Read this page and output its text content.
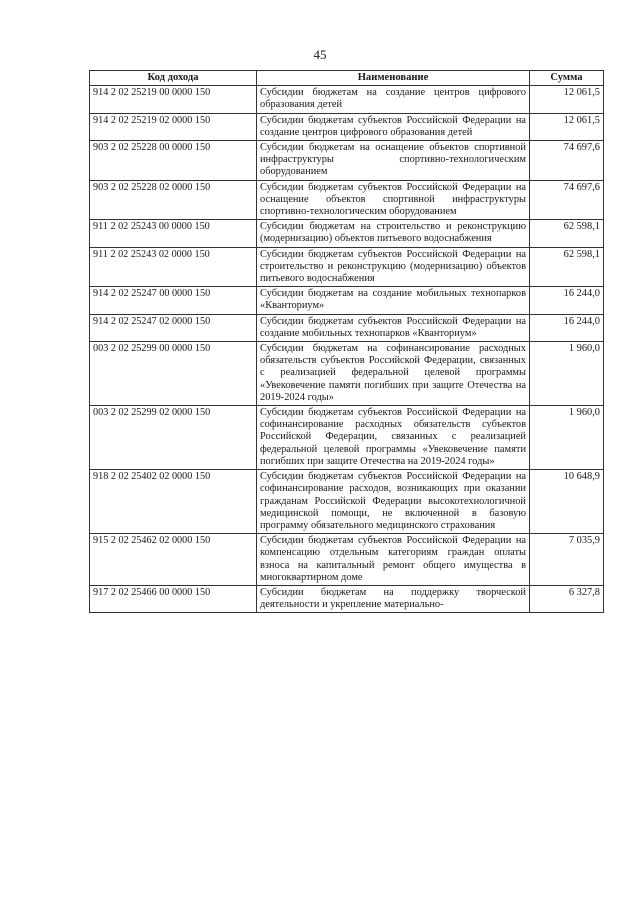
45
Код дохода	Наименование	Сумма
914 2 02 25219 00 0000 150	Субсидии бюджетам на создание центров цифрового образования детей	12 061,5
914 2 02 25219 02 0000 150	Субсидии бюджетам субъектов Российской Федерации на создание центров цифрового образования детей	12 061,5
903 2 02 25228 00 0000 150	Субсидии бюджетам на оснащение объектов спортивной инфраструктуры спортивно-технологическим оборудованием	74 697,6
903 2 02 25228 02 0000 150	Субсидии бюджетам субъектов Российской Федерации на оснащение объектов спортивной инфраструктуры спортивно-технологическим оборудованием	74 697,6
911 2 02 25243 00 0000 150	Субсидии бюджетам на строительство и реконструкцию (модернизацию) объектов питьевого водоснабжения	62 598,1
911 2 02 25243 02 0000 150	Субсидии бюджетам субъектов Российской Федерации на строительство и реконструкцию (модернизацию) объектов питьевого водоснабжения	62 598,1
914 2 02 25247 00 0000 150	Субсидии бюджетам на создание мобильных технопарков «Кванториум»	16 244,0
914 2 02 25247 02 0000 150	Субсидии бюджетам субъектов Российской Федерации на создание мобильных технопарков «Кванториум»	16 244,0
003 2 02 25299 00 0000 150	Субсидии бюджетам на софинансирование расходных обязательств субъектов Российской Федерации, связанных с реализацией федеральной целевой программы «Увековечение памяти погибших при защите Отечества на 2019-2024 годы»	1 960,0
003 2 02 25299 02 0000 150	Субсидии бюджетам субъектов Российской Федерации на софинансирование расходных обязательств субъектов Российской Федерации, связанных с реализацией федеральной целевой программы «Увековечение памяти погибших при защите Отечества на 2019-2024 годы»	1 960,0
918 2 02 25402 02 0000 150	Субсидии бюджетам субъектов Российской Федерации на софинансирование расходов, возникающих при оказании гражданам Российской Федерации высокотехнологичной медицинской помощи, не включенной в базовую программу обязательного медицинского страхования	10 648,9
915 2 02 25462 02 0000 150	Субсидии бюджетам субъектов Российской Федерации на компенсацию отдельным категориям граждан оплаты взноса на капитальный ремонт общего имущества в многоквартирном доме	7 035,9
917 2 02 25466 00 0000 150	Субсидии бюджетам на поддержку творческой деятельности и укрепление материально-	6 327,8
